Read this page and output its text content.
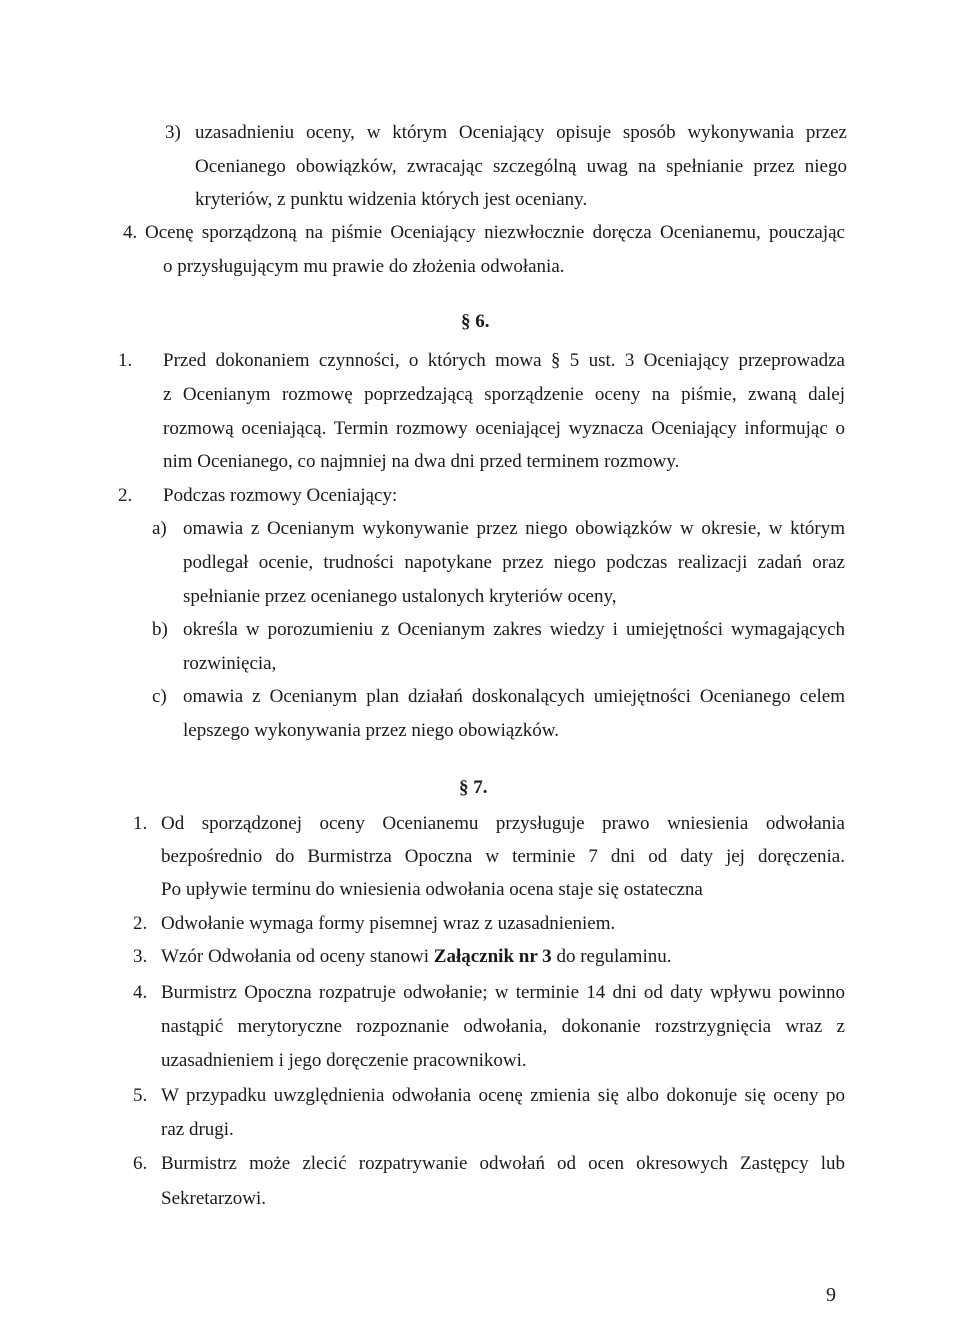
3) uzasadnieniu oceny, w którym Oceniający opisuje sposób wykonywania przez
Ocenianego obowiązków, zwracając szczególną uwag na spełnianie przez niego
kryteriów, z punktu widzenia których jest oceniany.
4. Ocenę sporządzoną na piśmie Oceniający niezwłocznie doręcza Ocenianemu, pouczając
o przysługującym mu prawie do złożenia odwołania.
§ 6.
1. Przed dokonaniem czynności, o których mowa § 5 ust. 3 Oceniający przeprowadza
z Ocenianym rozmowę poprzedzającą sporządzenie oceny na piśmie, zwaną dalej
rozmową oceniającą. Termin rozmowy oceniającej wyznacza Oceniający informując o
nim Ocenianego, co najmniej na dwa dni przed terminem rozmowy.
2. Podczas rozmowy Oceniający:
a) omawia z Ocenianym wykonywanie przez niego obowiązków w okresie, w którym
podlegał ocenie, trudności napotykane przez niego podczas realizacji zadań oraz
spełnianie przez ocenianego ustalonych kryteriów oceny,
b) określa w porozumieniu z Ocenianym zakres wiedzy i umiejętności wymagających
rozwinięcia,
c) omawia z Ocenianym plan działań doskonalących umiejętności Ocenianego celem
lepszego wykonywania przez niego obowiązków.
§ 7.
1. Od sporządzonej oceny Ocenianemu przysługuje prawo wniesienia odwołania
bezpośrednio do Burmistrza Opoczna w terminie 7 dni od daty jej doręczenia.
Po upływie terminu do wniesienia odwołania ocena staje się ostateczna
2. Odwołanie wymaga formy pisemnej wraz z uzasadnieniem.
3. Wzór Odwołania od oceny stanowi Załącznik nr 3 do regulaminu.
4. Burmistrz Opoczna rozpatruje odwołanie; w terminie 14 dni od daty wpływu powinno
nastąpić merytoryczne rozpoznanie odwołania, dokonanie rozstrzygnięcia wraz z
uzasadnieniem i jego doręczenie pracownikowi.
5. W przypadku uwzględnienia odwołania ocenę zmienia się albo dokonuje się oceny po
raz drugi.
6. Burmistrz może zlecić rozpatrywanie odwołań od ocen okresowych Zastępcy lub
Sekretarzowi.
9
